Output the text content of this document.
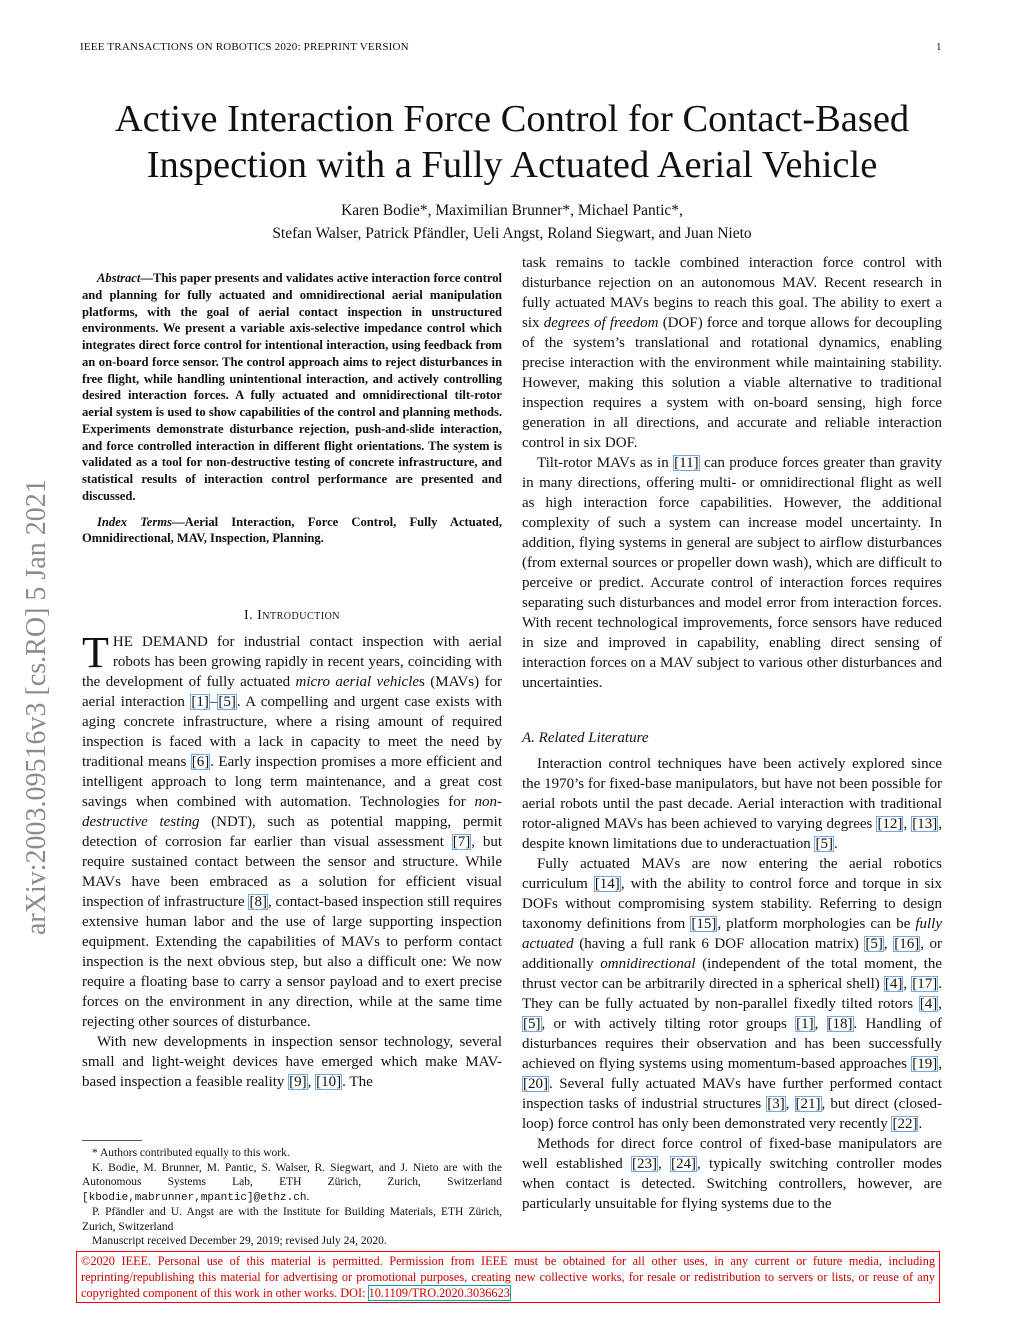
IEEE TRANSACTIONS ON ROBOTICS 2020: PREPRINT VERSION	1
Active Interaction Force Control for Contact-Based Inspection with a Fully Actuated Aerial Vehicle
Karen Bodie*, Maximilian Brunner*, Michael Pantic*,
Stefan Walser, Patrick Pfändler, Ueli Angst, Roland Siegwart, and Juan Nieto
arXiv:2003.09516v3 [cs.RO] 5 Jan 2021

Abstract—This paper presents and validates active interaction force control and planning for fully actuated and omnidirectional aerial manipulation platforms, with the goal of aerial contact inspection in unstructured environments. We present a variable axis-selective impedance control which integrates direct force control for intentional interaction, using feedback from an on-board force sensor. The control approach aims to reject disturbances in free flight, while handling unintentional interaction, and actively controlling desired interaction forces. A fully actuated and omnidirectional tilt-rotor aerial system is used to show capabilities of the control and planning methods. Experiments demonstrate disturbance rejection, push-and-slide interaction, and force controlled interaction in different flight orientations. The system is validated as a tool for non-destructive testing of concrete infrastructure, and statistical results of interaction control performance are presented and discussed.

Index Terms—Aerial Interaction, Force Control, Fully Actuated, Omnidirectional, MAV, Inspection, Planning.

I. Introduction

THE DEMAND for industrial contact inspection with aerial robots has been growing rapidly in recent years, coinciding with the development of fully actuated micro aerial vehicles (MAVs) for aerial interaction [1]–[5]. A compelling and urgent case exists with aging concrete infrastructure, where a rising amount of required inspection is faced with a lack in capacity to meet the need by traditional means [6]. Early inspection promises a more efficient and intelligent approach to long term maintenance, and a great cost savings when combined with automation. Technologies for non-destructive testing (NDT), such as potential mapping, permit detection of corrosion far earlier than visual assessment [7], but require sustained contact between the sensor and structure. While MAVs have been embraced as a solution for efficient visual inspection of infrastructure [8], contact-based inspection still requires extensive human labor and the use of large supporting inspection equipment. Extending the capabilities of MAVs to perform contact inspection is the next obvious step, but also a difficult one: We now require a floating base to carry a sensor payload and to exert precise forces on the environment in any direction, while at the same time rejecting other sources of disturbance.

With new developments in inspection sensor technology, several small and light-weight devices have emerged which make MAV-based inspection a feasible reality [9], [10]. The

* Authors contributed equally to this work.

K. Bodie, M. Brunner, M. Pantic, S. Walser, R. Siegwart, and J. Nieto are with the Autonomous Systems Lab, ETH Zürich, Zurich, Switzerland [kbodie,mabrunner,mpantic]@ethz.ch.

P. Pfändler and U. Angst are with the Institute for Building Materials, ETH Zürich, Zurich, Switzerland

Manuscript received December 29, 2019; revised July 24, 2020.

task remains to tackle combined interaction force control with disturbance rejection on an autonomous MAV. Recent research in fully actuated MAVs begins to reach this goal. The ability to exert a six degrees of freedom (DOF) force and torque allows for decoupling of the system’s translational and rotational dynamics, enabling precise interaction with the environment while maintaining stability. However, making this solution a viable alternative to traditional inspection requires a system with on-board sensing, high force generation in all directions, and accurate and reliable interaction control in six DOF.

Tilt-rotor MAVs as in [11] can produce forces greater than gravity in many directions, offering multi- or omnidirectional flight as well as high interaction force capabilities. However, the additional complexity of such a system can increase model uncertainty. In addition, flying systems in general are subject to airflow disturbances (from external sources or propeller down wash), which are difficult to perceive or predict. Accurate control of interaction forces requires separating such disturbances and model error from interaction forces. With recent technological improvements, force sensors have reduced in size and improved in capability, enabling direct sensing of interaction forces on a MAV subject to various other disturbances and uncertainties.

A. Related Literature

Interaction control techniques have been actively explored since the 1970’s for fixed-base manipulators, but have not been possible for aerial robots until the past decade. Aerial interaction with traditional rotor-aligned MAVs has been achieved to varying degrees [12], [13], despite known limitations due to underactuation [5].

Fully actuated MAVs are now entering the aerial robotics curriculum [14], with the ability to control force and torque in six DOFs without compromising system stability. Referring to design taxonomy definitions from [15], platform morphologies can be fully actuated (having a full rank 6 DOF allocation matrix) [5], [16], or additionally omnidirectional (independent of the total moment, the thrust vector can be arbitrarily directed in a spherical shell) [4], [17]. They can be fully actuated by non-parallel fixedly tilted rotors [4], [5], or with actively tilting rotor groups [1], [18]. Handling of disturbances requires their observation and has been successfully achieved on flying systems using momentum-based approaches [19], [20]. Several fully actuated MAVs have further performed contact inspection tasks of industrial structures [3], [21], but direct (closed-loop) force control has only been demonstrated very recently [22].

Methods for direct force control of fixed-base manipulators are well established [23], [24], typically switching controller modes when contact is detected. Switching controllers, however, are particularly unsuitable for flying systems due to the

©2020 IEEE. Personal use of this material is permitted. Permission from IEEE must be obtained for all other uses, in any current or future media, including reprinting/republishing this material for advertising or promotional purposes, creating new collective works, for resale or redistribution to servers or lists, or reuse of any copyrighted component of this work in other works. DOI: 10.1109/TRO.2020.3036623
